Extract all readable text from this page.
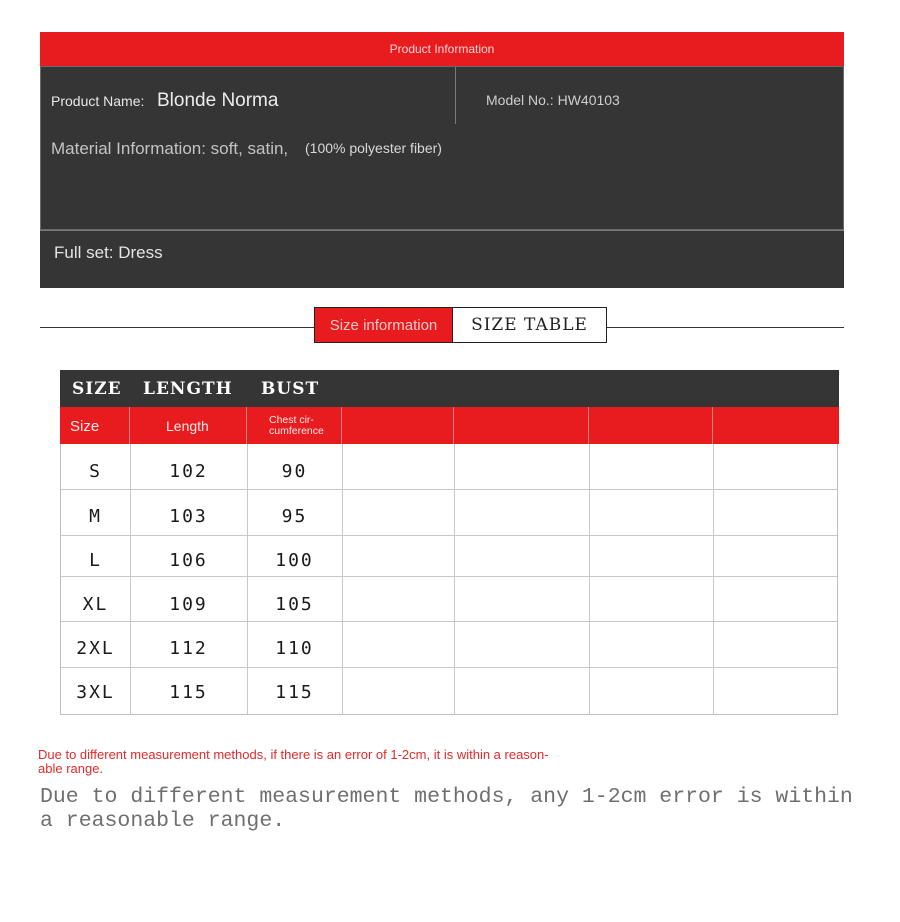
Product Information
Product Name: Blonde Norma	Model No.: HW40103
Material Information: soft, satin, (100% polyester fiber)
Full set: Dress
Size information	SIZE TABLE
SIZE LENGTH BUST
Size	Length	Chest cir-
cumference
S	102	90
M	103	95
L	106	100
XL	109	105
2XL	112	110
3XL	115	115
Due to different measurement methods, if there is an error of 1-2cm, it is within a reason-
able range.
Due to different measurement methods, any 1-2cm error is within
a reasonable range.
